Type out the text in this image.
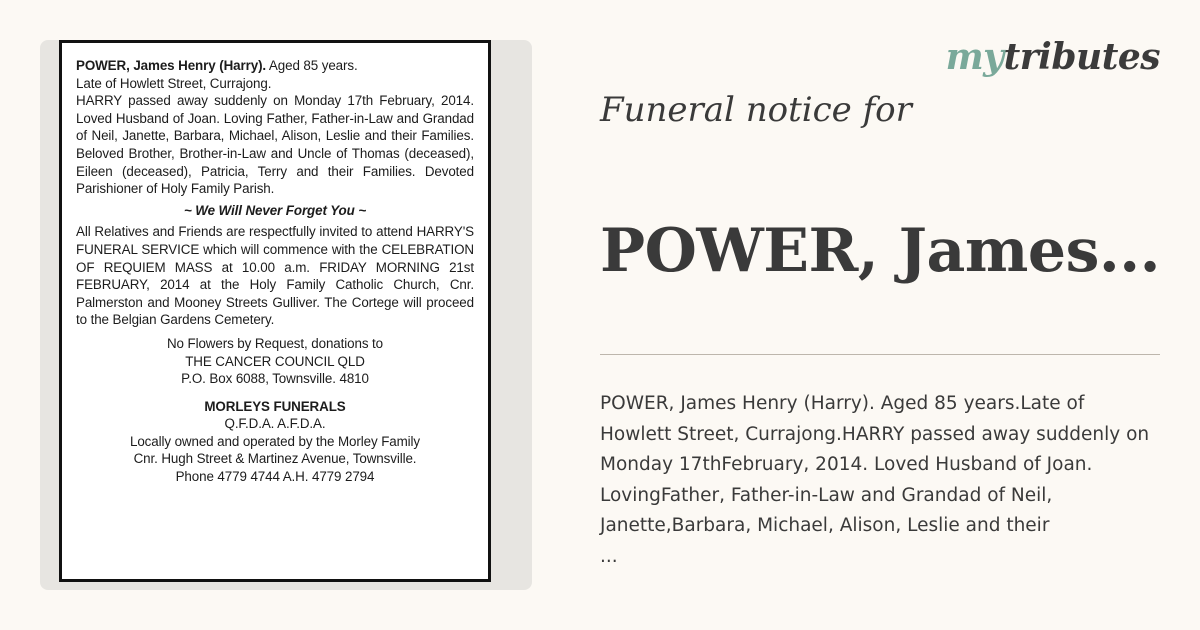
POWER, James Henry (Harry). Aged 85 years.

Late of Howlett Street, Currajong.

HARRY passed away suddenly on Monday 17th February, 2014. Loved Husband of Joan. Loving Father, Father-in-Law and Grandad of Neil, Janette, Barbara, Michael, Alison, Leslie and their Families. Beloved Brother, Brother-in-Law and Uncle of Thomas (deceased), Eileen (deceased), Patricia, Terry and their Families. Devoted Parishioner of Holy Family Parish.

~ We Will Never Forget You ~

All Relatives and Friends are respectfully invited to attend HARRY'S FUNERAL SERVICE which will commence with the CELEBRATION OF REQUIEM MASS at 10.00 a.m. FRIDAY MORNING 21st FEBRUARY, 2014 at the Holy Family Catholic Church, Cnr. Palmerston and Mooney Streets Gulliver. The Cortege will proceed to the Belgian Gardens Cemetery.

No Flowers by Request, donations to

THE CANCER COUNCIL QLD

P.O. Box 6088, Townsville. 4810

MORLEYS FUNERALS

Q.F.D.A. A.F.D.A.

Locally owned and operated by the Morley Family

Cnr. Hugh Street & Martinez Avenue, Townsville.

Phone 4779 4744 A.H. 4779 2794

mytributes
Funeral notice for
POWER, James...
POWER, James Henry (Harry). Aged 85 years.Late of
Howlett Street, Currajong.HARRY passed away suddenly on
Monday 17thFebruary, 2014. Loved Husband of Joan.
LovingFather, Father-in-Law and Grandad of Neil,
Janette,Barbara, Michael, Alison, Leslie and their
...
